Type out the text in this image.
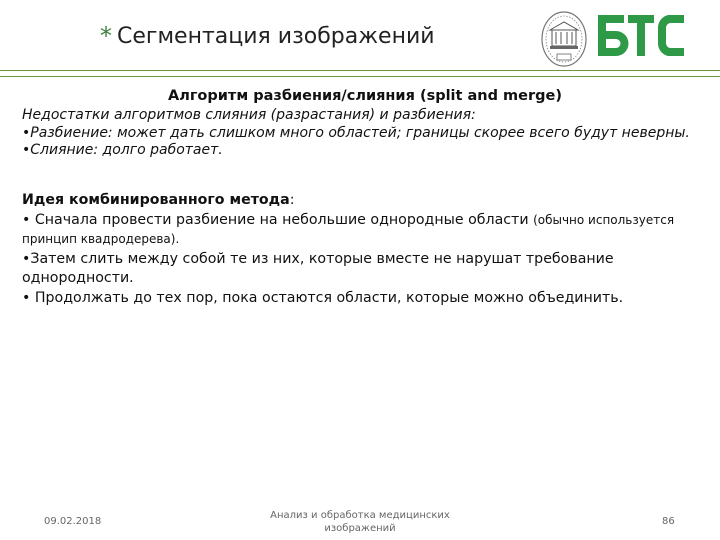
* Сегментация изображений
Алгоритм разбиения/слияния (split and merge)

Недостатки алгоритмов слияния (разрастания) и разбиения:

•Разбиение: может дать слишком много областей; границы скорее всего будут неверны.

•Слияние: долго работает.

Идея комбинированного метода:

• Сначала провести разбиение на небольшие однородные области (обычно используется принцип квадродерева).

•Затем слить между собой те из них, которые вместе не нарушат требование однородности.

• Продолжать до тех пор, пока остаются области, которые можно объединить.

09.02.2018
Анализ и обработка медицинских изображений
86
